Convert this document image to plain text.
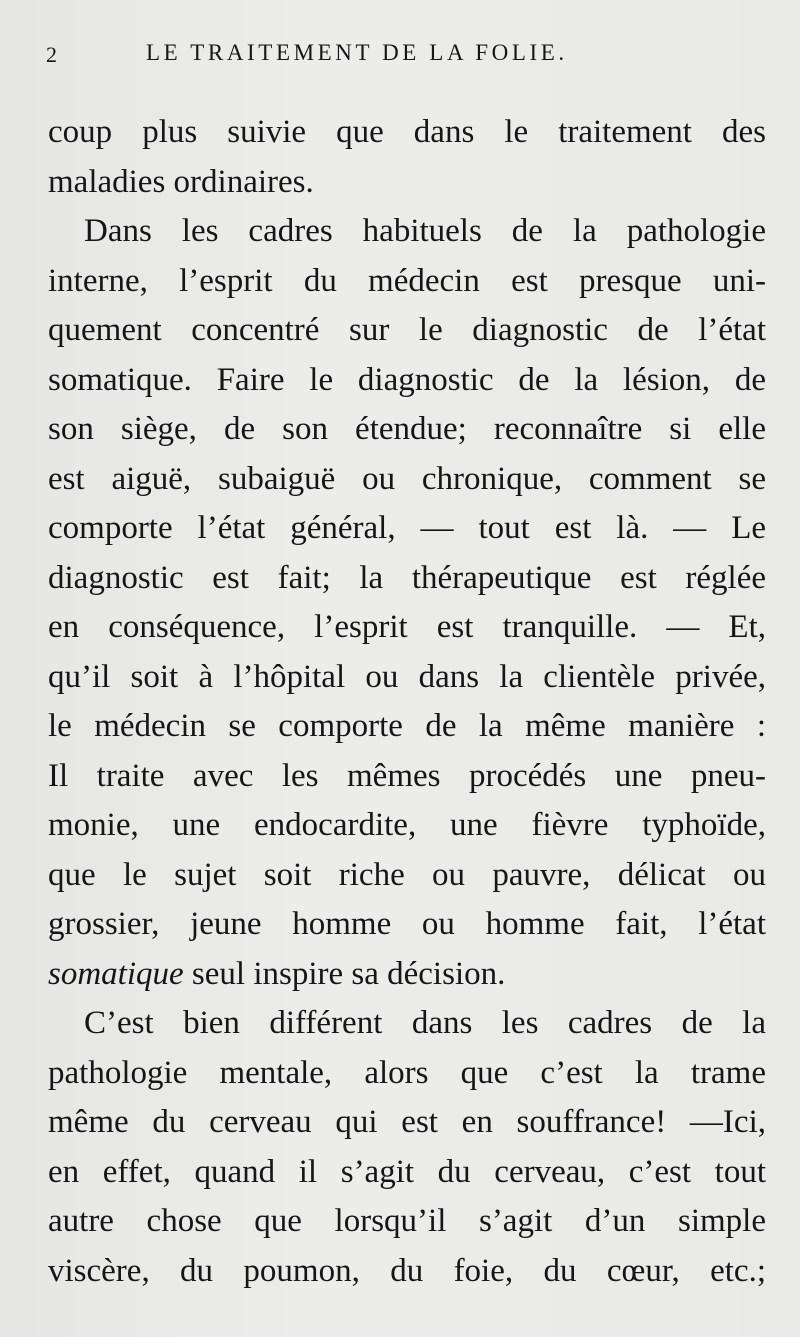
2	LE TRAITEMENT DE LA FOLIE.
coup plus suivie que dans le traitement des
maladies ordinaires.
Dans les cadres habituels de la pathologie
interne, l’esprit du médecin est presque uni-
quement concentré sur le diagnostic de l’état
somatique. Faire le diagnostic de la lésion, de
son siège, de son étendue; reconnaître si elle
est aiguë, subaiguë ou chronique, comment se
comporte l’état général, — tout est là. — Le
diagnostic est fait; la thérapeutique est réglée
en conséquence, l’esprit est tranquille. — Et,
qu’il soit à l’hôpital ou dans la clientèle privée,
le médecin se comporte de la même manière :
Il traite avec les mêmes procédés une pneu-
monie, une endocardite, une fièvre typhoïde,
que le sujet soit riche ou pauvre, délicat ou
grossier, jeune homme ou homme fait, l’état
somatique seul inspire sa décision.
C’est bien différent dans les cadres de la
pathologie mentale, alors que c’est la trame
même du cerveau qui est en souffrance! —Ici,
en effet, quand il s’agit du cerveau, c’est tout
autre chose que lorsqu’il s’agit d’un simple
viscère, du poumon, du foie, du cœur, etc.;
